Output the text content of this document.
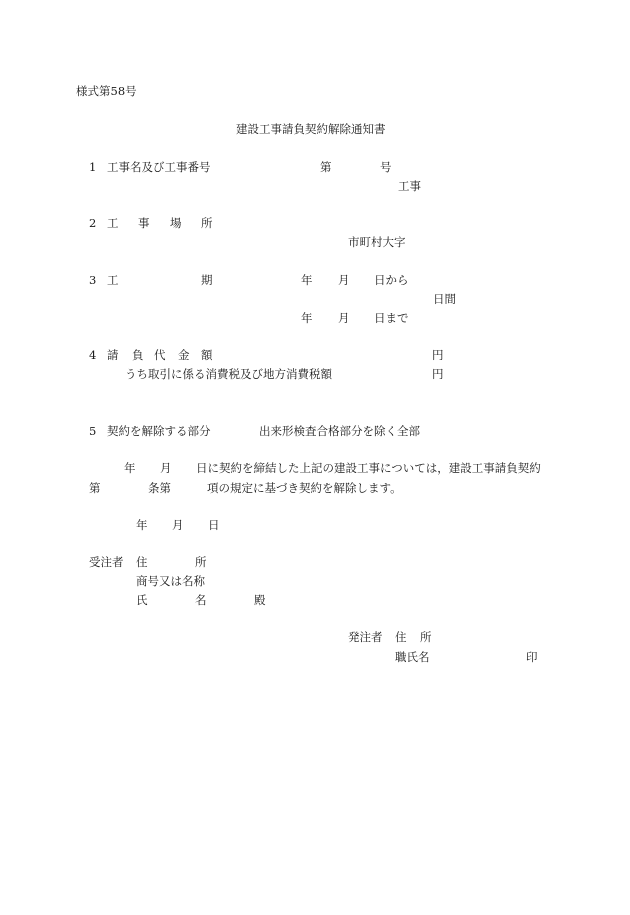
様式第58号
建設工事請負契約解除通知書
1 工事名及び工事番号	第	号
工事
2 工 事 場 所
市町村大字
3 工	期	年 月 日から
日間
年 月 日まで
4 請 負 代 金 額	円
うち取引に係る消費税及び地方消費税額	円
5 契約を解除する部分	出来形検査合格部分を除く全部
年 月 日に契約を締結した上記の建設工事については，建設工事請負契約
第	条第	項の規定に基づき契約を解除します。
年 月 日
受注者 住	所
商号又は名称
氏	名	殿
発注者 住 所
職氏名	印
